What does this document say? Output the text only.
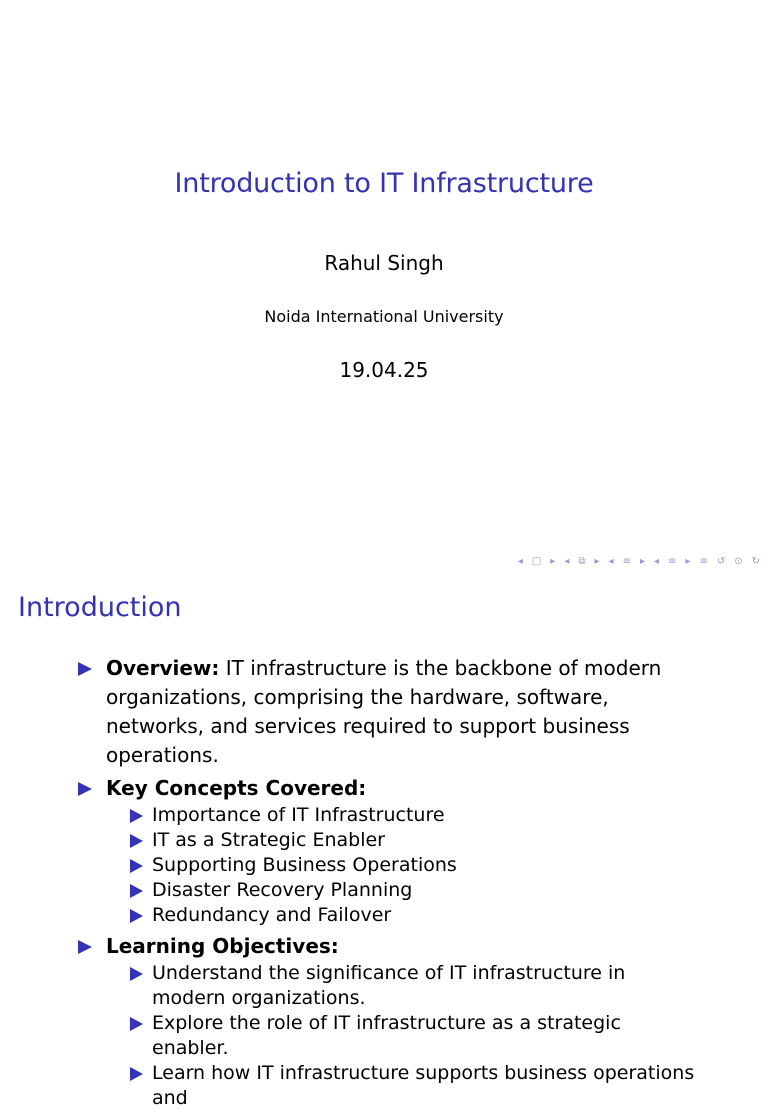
Introduction to IT Infrastructure
Rahul Singh
Noida International University
19.04.25
◂ □ ▸ ◂ ⧉ ▸ ◂ ≡ ▸ ◂ ≡ ▸ ≡ ↺ ⊙ ↻
Introduction
Overview: IT infrastructure is the backbone of modern organizations, comprising the hardware, software, networks, and services required to support business operations.
Key Concepts Covered:
Importance of IT Infrastructure
IT as a Strategic Enabler
Supporting Business Operations
Disaster Recovery Planning
Redundancy and Failover
Learning Objectives:
Understand the significance of IT infrastructure in modern organizations.
Explore the role of IT infrastructure as a strategic enabler.
Learn how IT infrastructure supports business operations and
